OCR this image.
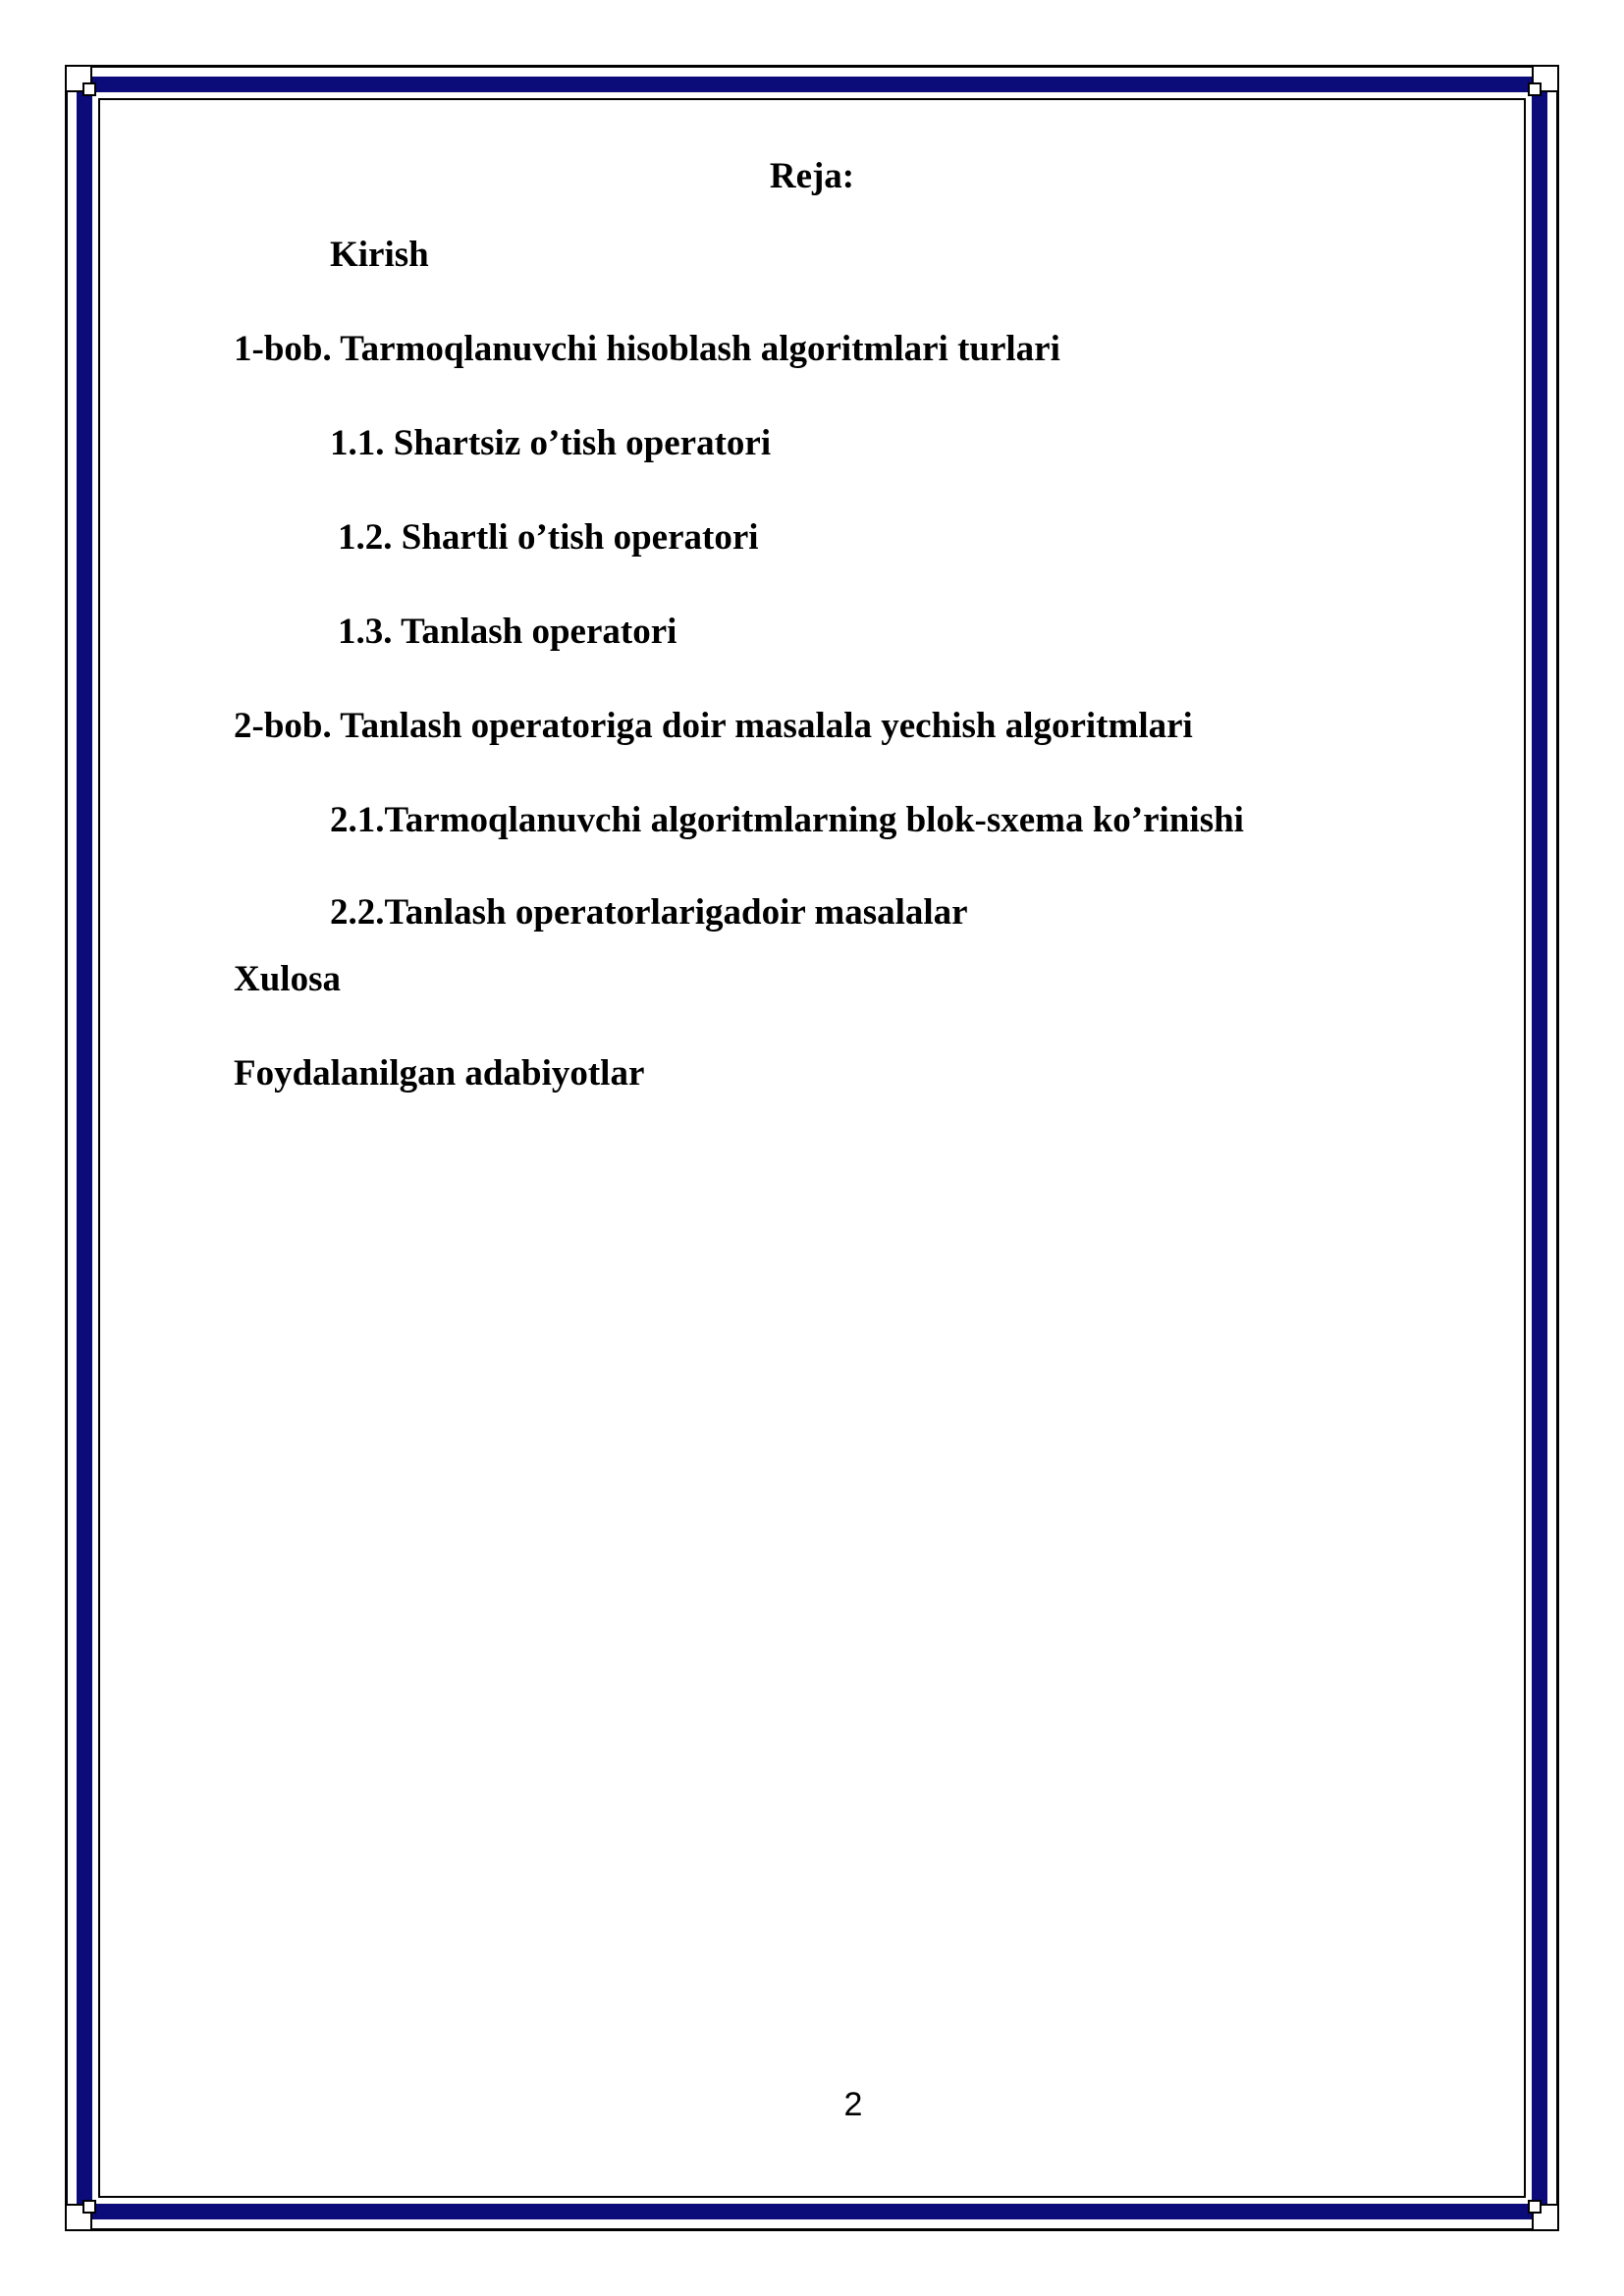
Reja:
Kirish
1-bob. Tarmoqlanuvchi hisoblash algoritmlari turlari
1.1. Shartsiz o’tish operatori
1.2. Shartli o’tish operatori
1.3. Tanlash operatori
2-bob. Tanlash operatoriga doir masalala yechish algoritmlari
2.1.Tarmoqlanuvchi algoritmlarning blok-sxema ko’rinishi
2.2.Tanlash operatorlarigadoir masalalar
Xulosa
Foydalanilgan adabiyotlar
2
